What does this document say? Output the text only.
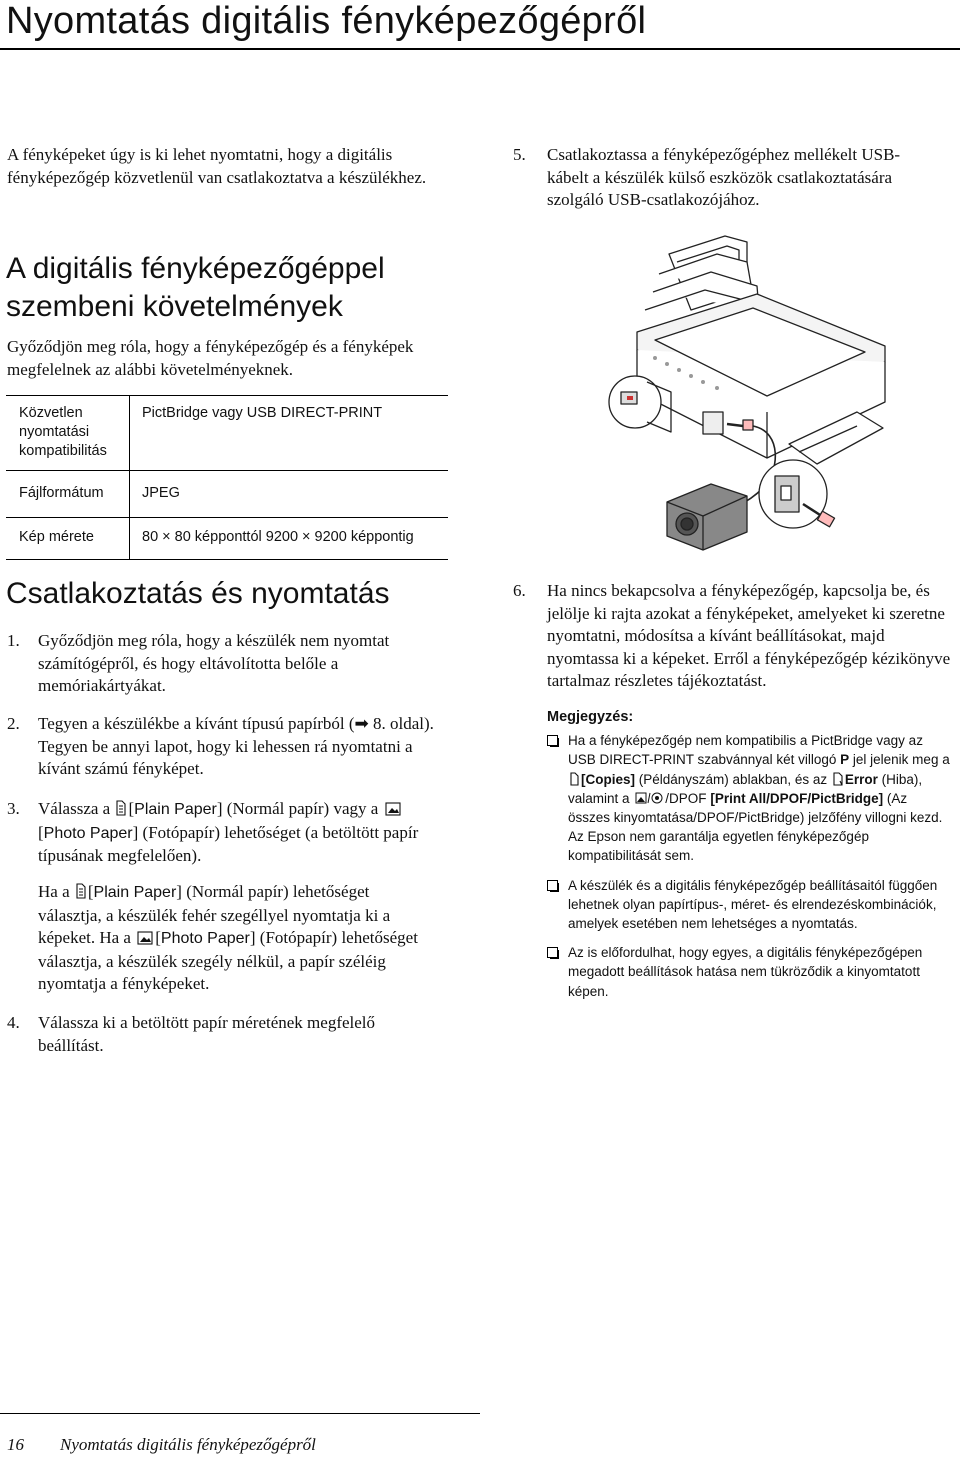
Nyomtatás digitális fényképezőgépről
A fényképeket úgy is ki lehet nyomtatni, hogy a digitális fényképezőgép közvetlenül van csatlakoztatva a készülékhez.
5. Csatlakoztassa a fényképezőgéphez mellékelt USB-kábelt a készülék külső eszközök csatlakoztatására szolgáló USB-csatlakozójához.
A digitális fényképezőgéppel szembeni követelmények
Győződjön meg róla, hogy a fényképezőgép és a fényképek megfelelnek az alábbi követelményeknek.
Közvetlen nyomtatási kompatibilitás	PictBridge vagy USB DIRECT-PRINT
Fájlformátum	JPEG
Kép mérete	80 × 80 képponttól 9200 × 9200 képpontig
Csatlakoztatás és nyomtatás
1. Győződjön meg róla, hogy a készülék nem nyomtat számítógépről, és hogy eltávolította belőle a memóriakártyákat.
2. Tegyen a készülékbe a kívánt típusú papírból (➡ 8. oldal). Tegyen be annyi lapot, hogy ki lehessen rá nyomtatni a kívánt számú fényképet.
3. Válassza a [Plain Paper] (Normál papír) vagy a [Photo Paper] (Fotópapír) lehetőséget (a betöltött papír típusának megfelelően).
Ha a [Plain Paper] (Normál papír) lehetőséget választja, a készülék fehér szegéllyel nyomtatja ki a képeket. Ha a [Photo Paper] (Fotópapír) lehetőséget választja, a készülék szegély nélkül, a papír széléig nyomtatja a fényképeket.
4. Válassza ki a betöltött papír méretének megfelelő beállítást.
6. Ha nincs bekapcsolva a fényképezőgép, kapcsolja be, és jelölje ki rajta azokat a fényképeket, amelyeket ki szeretne nyomtatni, módosítsa a kívánt beállításokat, majd nyomtassa ki a képeket. Erről a fényképezőgép kézikönyve tartalmaz részletes tájékoztatást.
Megjegyzés:
Ha a fényképezőgép nem kompatibilis a PictBridge vagy az USB DIRECT-PRINT szabvánnyal két villogó P jel jelenik meg a [Copies] (Példányszám) ablakban, és az Error (Hiba), valamint a	/DPOF [Print All/DPOF/PictBridge] (Az összes kinyomtatása/DPOF/PictBridge) jelzőfény villogni kezd. Az Epson nem garantálja egyetlen fényképezőgép kompatibilitását sem.
A készülék és a digitális fényképezőgép beállításaitól függően lehetnek olyan papírtípus-, méret- és elrendezéskombinációk, amelyek esetében nem lehetséges a nyomtatás.
Az is előfordulhat, hogy egyes, a digitális fényképezőgépen megadott beállítások hatása nem tükröződik a kinyomtatott képen.
16 Nyomtatás digitális fényképezőgépről
